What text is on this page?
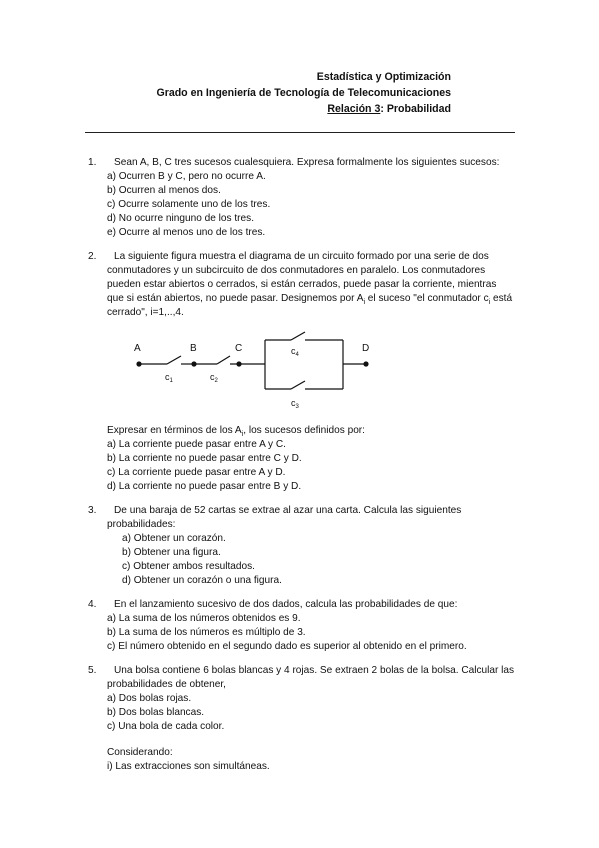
Estadística y Optimización
Grado en Ingeniería de Tecnología de Telecomunicaciones
Relación 3: Probabilidad
1. Sean A, B, C tres sucesos cualesquiera. Expresa formalmente los siguientes sucesos:
a) Ocurren B y C, pero no ocurre A.
b) Ocurren al menos dos.
c) Ocurre solamente uno de los tres.
d) No ocurre ninguno de los tres.
e) Ocurre al menos uno de los tres.
2. La siguiente figura muestra el diagrama de un circuito formado por una serie de dos
conmutadores y un subcircuito de dos conmutadores en paralelo. Los conmutadores
pueden estar abiertos o cerrados, si están cerrados, puede pasar la corriente, mientras
que si están abiertos, no puede pasar. Designemos por $A_i$ el suceso "el conmutador $c_i$ está
cerrado", i=1,..,4.
A	B	C	D
$c_1$	$c_2$
$c_4$
$c_3$
Expresar en términos de los $A_i$, los sucesos definidos por:
a) La corriente puede pasar entre A y C.
b) La corriente no puede pasar entre C y D.
c) La corriente puede pasar entre A y D.
d) La corriente no puede pasar entre B y D.
3. De una baraja de 52 cartas se extrae al azar una carta. Calcula las siguientes
probabilidades:
a) Obtener un corazón.
b) Obtener una figura.
c) Obtener ambos resultados.
d) Obtener un corazón o una figura.
4. En el lanzamiento sucesivo de dos dados, calcula las probabilidades de que:
a) La suma de los números obtenidos es 9.
b) La suma de los números es múltiplo de 3.
c) El número obtenido en el segundo dado es superior al obtenido en el primero.
5. Una bolsa contiene 6 bolas blancas y 4 rojas. Se extraen 2 bolas de la bolsa. Calcular las
probabilidades de obtener,
a) Dos bolas rojas.
b) Dos bolas blancas.
c) Una bola de cada color.
Considerando:
i) Las extracciones son simultáneas.
